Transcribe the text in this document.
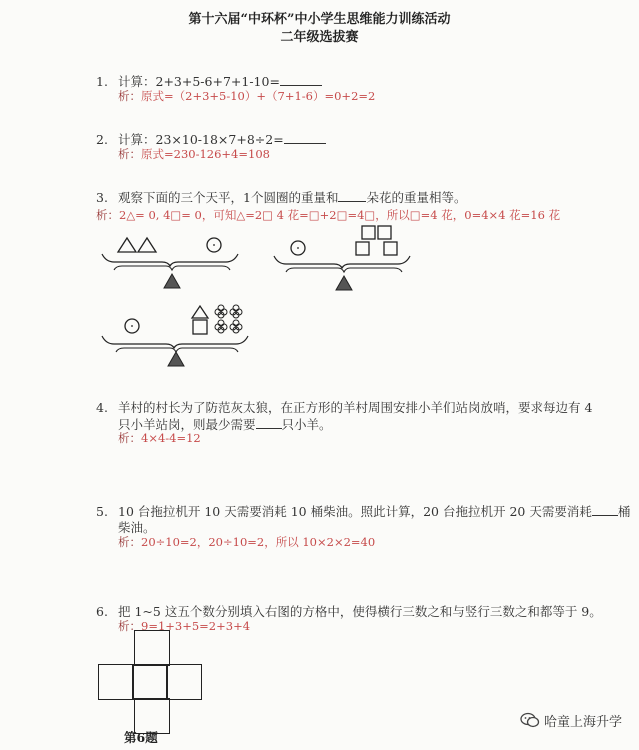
第十六届“中环杯”中小学生思维能力训练活动
二年级选拔赛
1. 计算：2+3+5-6+7+1-10=
析：原式=（2+3+5-10）+（7+1-6）=0+2=2
2. 计算：23×10-18×7+8÷2=
析：原式=230-126+4=108
3. 观察下面的三个天平，1个圆圈的重量和 朵花的重量相等。
析：2△= 0, 4□= 0，可知△=2□ 4 花=□+2□=4□，所以□=4 花，0=4×4 花=16 花
4. 羊村的村长为了防范灰太狼，在正方形的羊村周围安排小羊们站岗放哨，要求每边有 4
只小羊站岗，则最少需要 只小羊。
析：4×4-4=12
5. 10 台拖拉机开 10 天需要消耗 10 桶柴油。照此计算，20 台拖拉机开 20 天需要消耗 桶
柴油。
析：20÷10=2，20÷10=2，所以 10×2×2=40
6. 把 1~5 这五个数分别填入右图的方格中，使得横行三数之和与竖行三数之和都等于 9。
析：9=1+3+5=2+3+4
第6题
哈童上海升学
